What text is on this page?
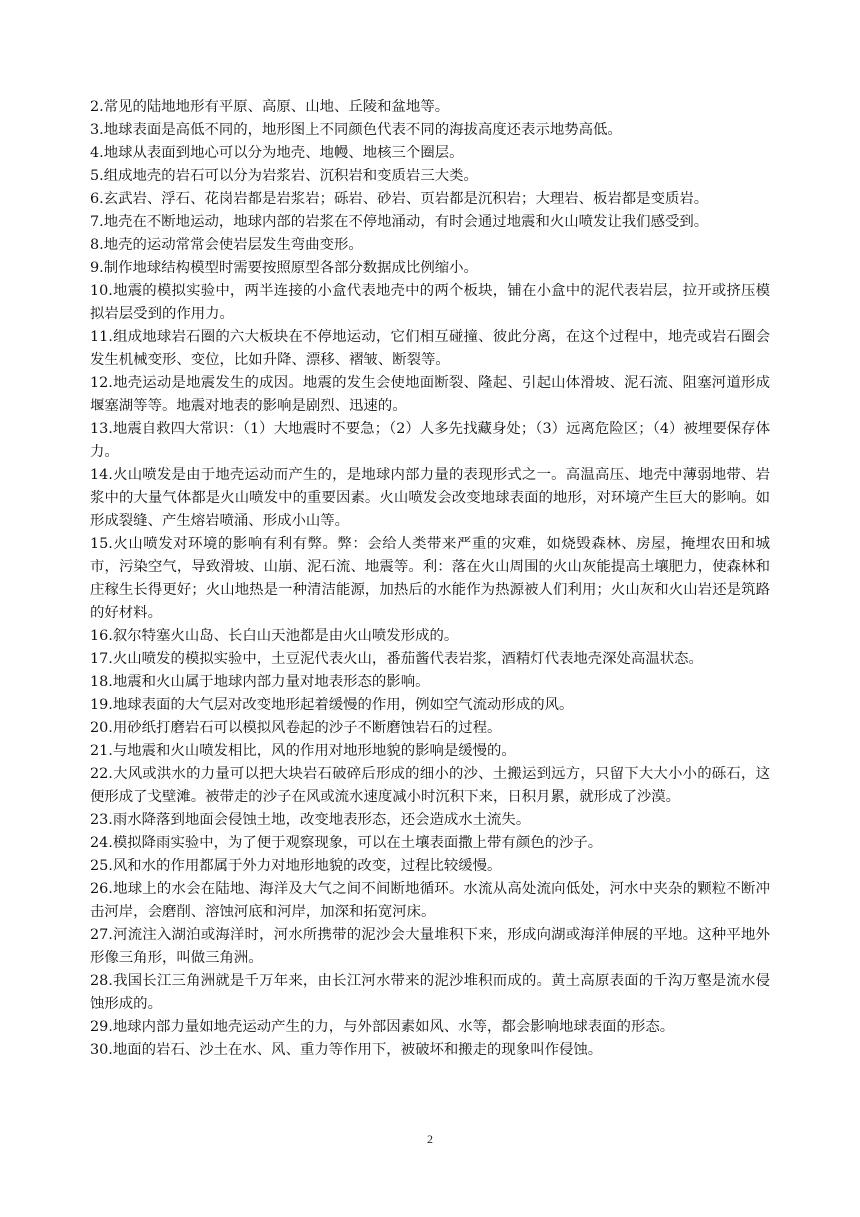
2.常见的陆地地形有平原、高原、山地、丘陵和盆地等。

3.地球表面是高低不同的，地形图上不同颜色代表不同的海拔高度还表示地势高低。

4.地球从表面到地心可以分为地壳、地幔、地核三个圈层。

5.组成地壳的岩石可以分为岩浆岩、沉积岩和变质岩三大类。

6.玄武岩、浮石、花岗岩都是岩浆岩；砾岩、砂岩、页岩都是沉积岩；大理岩、板岩都是变质岩。

7.地壳在不断地运动，地球内部的岩浆在不停地涌动，有时会通过地震和火山喷发让我们感受到。

8.地壳的运动常常会使岩层发生弯曲变形。

9.制作地球结构模型时需要按照原型各部分数据成比例缩小。

10.地震的模拟实验中，两半连接的小盒代表地壳中的两个板块，铺在小盒中的泥代表岩层，拉开或挤压模拟岩层受到的作用力。

11.组成地球岩石圈的六大板块在不停地运动，它们相互碰撞、彼此分离，在这个过程中，地壳或岩石圈会发生机械变形、变位，比如升降、漂移、褶皱、断裂等。

12.地壳运动是地震发生的成因。地震的发生会使地面断裂、隆起、引起山体滑坡、泥石流、阻塞河道形成堰塞湖等等。地震对地表的影响是剧烈、迅速的。

13.地震自救四大常识：（1）大地震时不要急；（2）人多先找藏身处；（3）远离危险区；（4）被埋要保存体力。

14.火山喷发是由于地壳运动而产生的，是地球内部力量的表现形式之一。高温高压、地壳中薄弱地带、岩浆中的大量气体都是火山喷发中的重要因素。火山喷发会改变地球表面的地形，对环境产生巨大的影响。如形成裂缝、产生熔岩喷涌、形成小山等。

15.火山喷发对环境的影响有利有弊。弊：会给人类带来严重的灾难，如烧毁森林、房屋，掩埋农田和城市，污染空气，导致滑坡、山崩、泥石流、地震等。利：落在火山周围的火山灰能提高土壤肥力，使森林和庄稼生长得更好；火山地热是一种清洁能源，加热后的水能作为热源被人们利用；火山灰和火山岩还是筑路的好材料。

16.叙尔特塞火山岛、长白山天池都是由火山喷发形成的。

17.火山喷发的模拟实验中，土豆泥代表火山，番茄酱代表岩浆，酒精灯代表地壳深处高温状态。

18.地震和火山属于地球内部力量对地表形态的影响。

19.地球表面的大气层对改变地形起着缓慢的作用，例如空气流动形成的风。

20.用砂纸打磨岩石可以模拟风卷起的沙子不断磨蚀岩石的过程。

21.与地震和火山喷发相比，风的作用对地形地貌的影响是缓慢的。

22.大风或洪水的力量可以把大块岩石破碎后形成的细小的沙、土搬运到远方，只留下大大小小的砾石，这便形成了戈壁滩。被带走的沙子在风或流水速度减小时沉积下来，日积月累，就形成了沙漠。

23.雨水降落到地面会侵蚀土地，改变地表形态，还会造成水土流失。

24.模拟降雨实验中，为了便于观察现象，可以在土壤表面撒上带有颜色的沙子。

25.风和水的作用都属于外力对地形地貌的改变，过程比较缓慢。

26.地球上的水会在陆地、海洋及大气之间不间断地循环。水流从高处流向低处，河水中夹杂的颗粒不断冲击河岸，会磨削、溶蚀河底和河岸，加深和拓宽河床。

27.河流注入湖泊或海洋时，河水所携带的泥沙会大量堆积下来，形成向湖或海洋伸展的平地。这种平地外形像三角形，叫做三角洲。

28.我国长江三角洲就是千万年来，由长江河水带来的泥沙堆积而成的。黄土高原表面的千沟万壑是流水侵蚀形成的。

29.地球内部力量如地壳运动产生的力，与外部因素如风、水等，都会影响地球表面的形态。

30.地面的岩石、沙土在水、风、重力等作用下，被破坏和搬走的现象叫作侵蚀。

2
